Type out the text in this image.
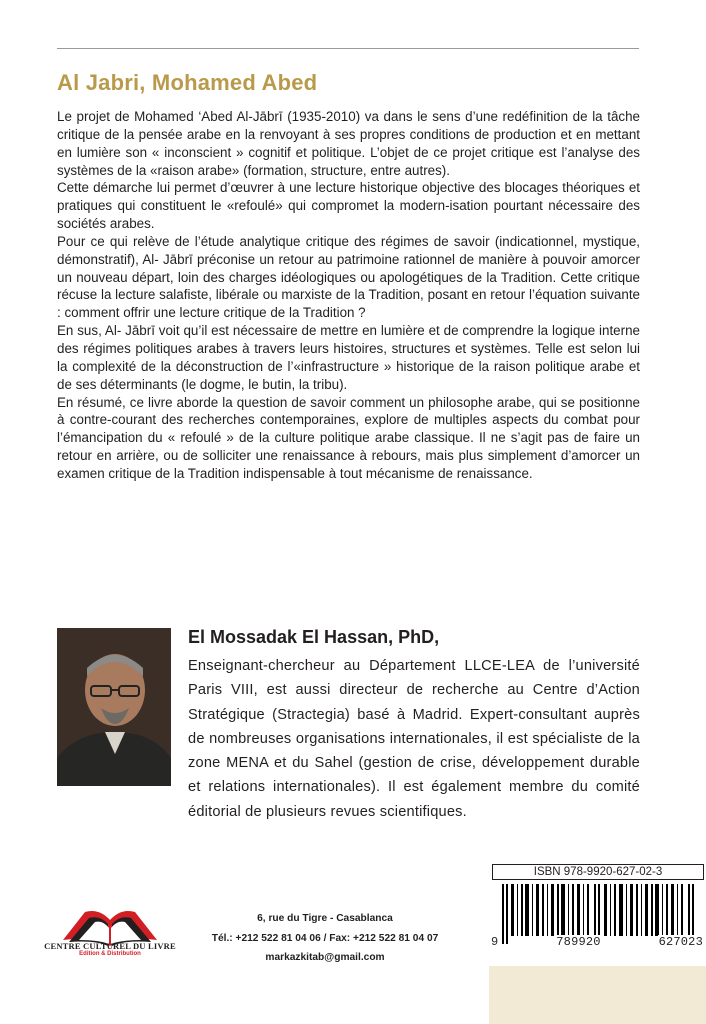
Al Jabri, Mohamed Abed

Le projet de Mohamed ‘Abed Al-Jābrī (1935-2010) va dans le sens d’une redéfinition de la tâche critique de la pensée arabe en la renvoyant à ses propres conditions de production et en mettant en lumière son « inconscient » cognitif et politique. L’objet de ce projet critique est l’analyse des systèmes de la «raison arabe» (formation, structure, entre autres).

Cette démarche lui permet d’œuvrer à une lecture historique objective des blocages théoriques et pratiques qui constituent le «refoulé» qui compromet la modern-isation pourtant nécessaire des sociétés arabes.

Pour ce qui relève de l’étude analytique critique des régimes de savoir (indicationnel, mystique, démonstratif), Al- Jābrī préconise un retour au patrimoine rationnel de manière à pouvoir amorcer un nouveau départ, loin des charges idéologiques ou apologétiques de la Tradition. Cette critique récuse la lecture salafiste, libérale ou marxiste de la Tradition, posant en retour l’équation suivante : comment offrir une lecture critique de la Tradition ?

En sus, Al- Jābrī voit qu’il est nécessaire de mettre en lumière et de comprendre la logique interne des régimes politiques arabes à travers leurs histoires, structures et systèmes. Telle est selon lui la complexité de la déconstruction de l’«infrastructure » historique de la raison politique arabe et de ses déterminants (le dogme, le butin, la tribu).

En résumé, ce livre aborde la question de savoir comment un philosophe arabe, qui se positionne à contre-courant des recherches contemporaines, explore de multiples aspects du combat pour l’émancipation du « refoulé » de la culture politique arabe classique. Il ne s’agit pas de faire un retour en arrière, ou de solliciter une renaissance à rebours, mais plus simplement d’amorcer un examen critique de la Tradition indispensable à tout mécanisme de renaissance.

El Mossadak El Hassan, PhD,
Enseignant-chercheur au Département LLCE-LEA de l’université Paris VIII, est aussi directeur de recherche au Centre d’Action Stratégique (Stractegia) basé à Madrid. Expert-consultant auprès de nombreuses organisations internationales, il est spécialiste de la zone MENA et du Sahel (gestion de crise, développement durable et relations internationales). Il est également membre du comité éditorial de plusieurs revues scientifiques.
ISBN 978-9920-627-02-3
9	789920	627023
CENTRE CULTUREL DU LIVRE
Edition & Distribution
6, rue du Tigre - Casablanca
Tél.: +212 522 81 04 06 / Fax: +212 522 81 04 07
markazkitab@gmail.com
